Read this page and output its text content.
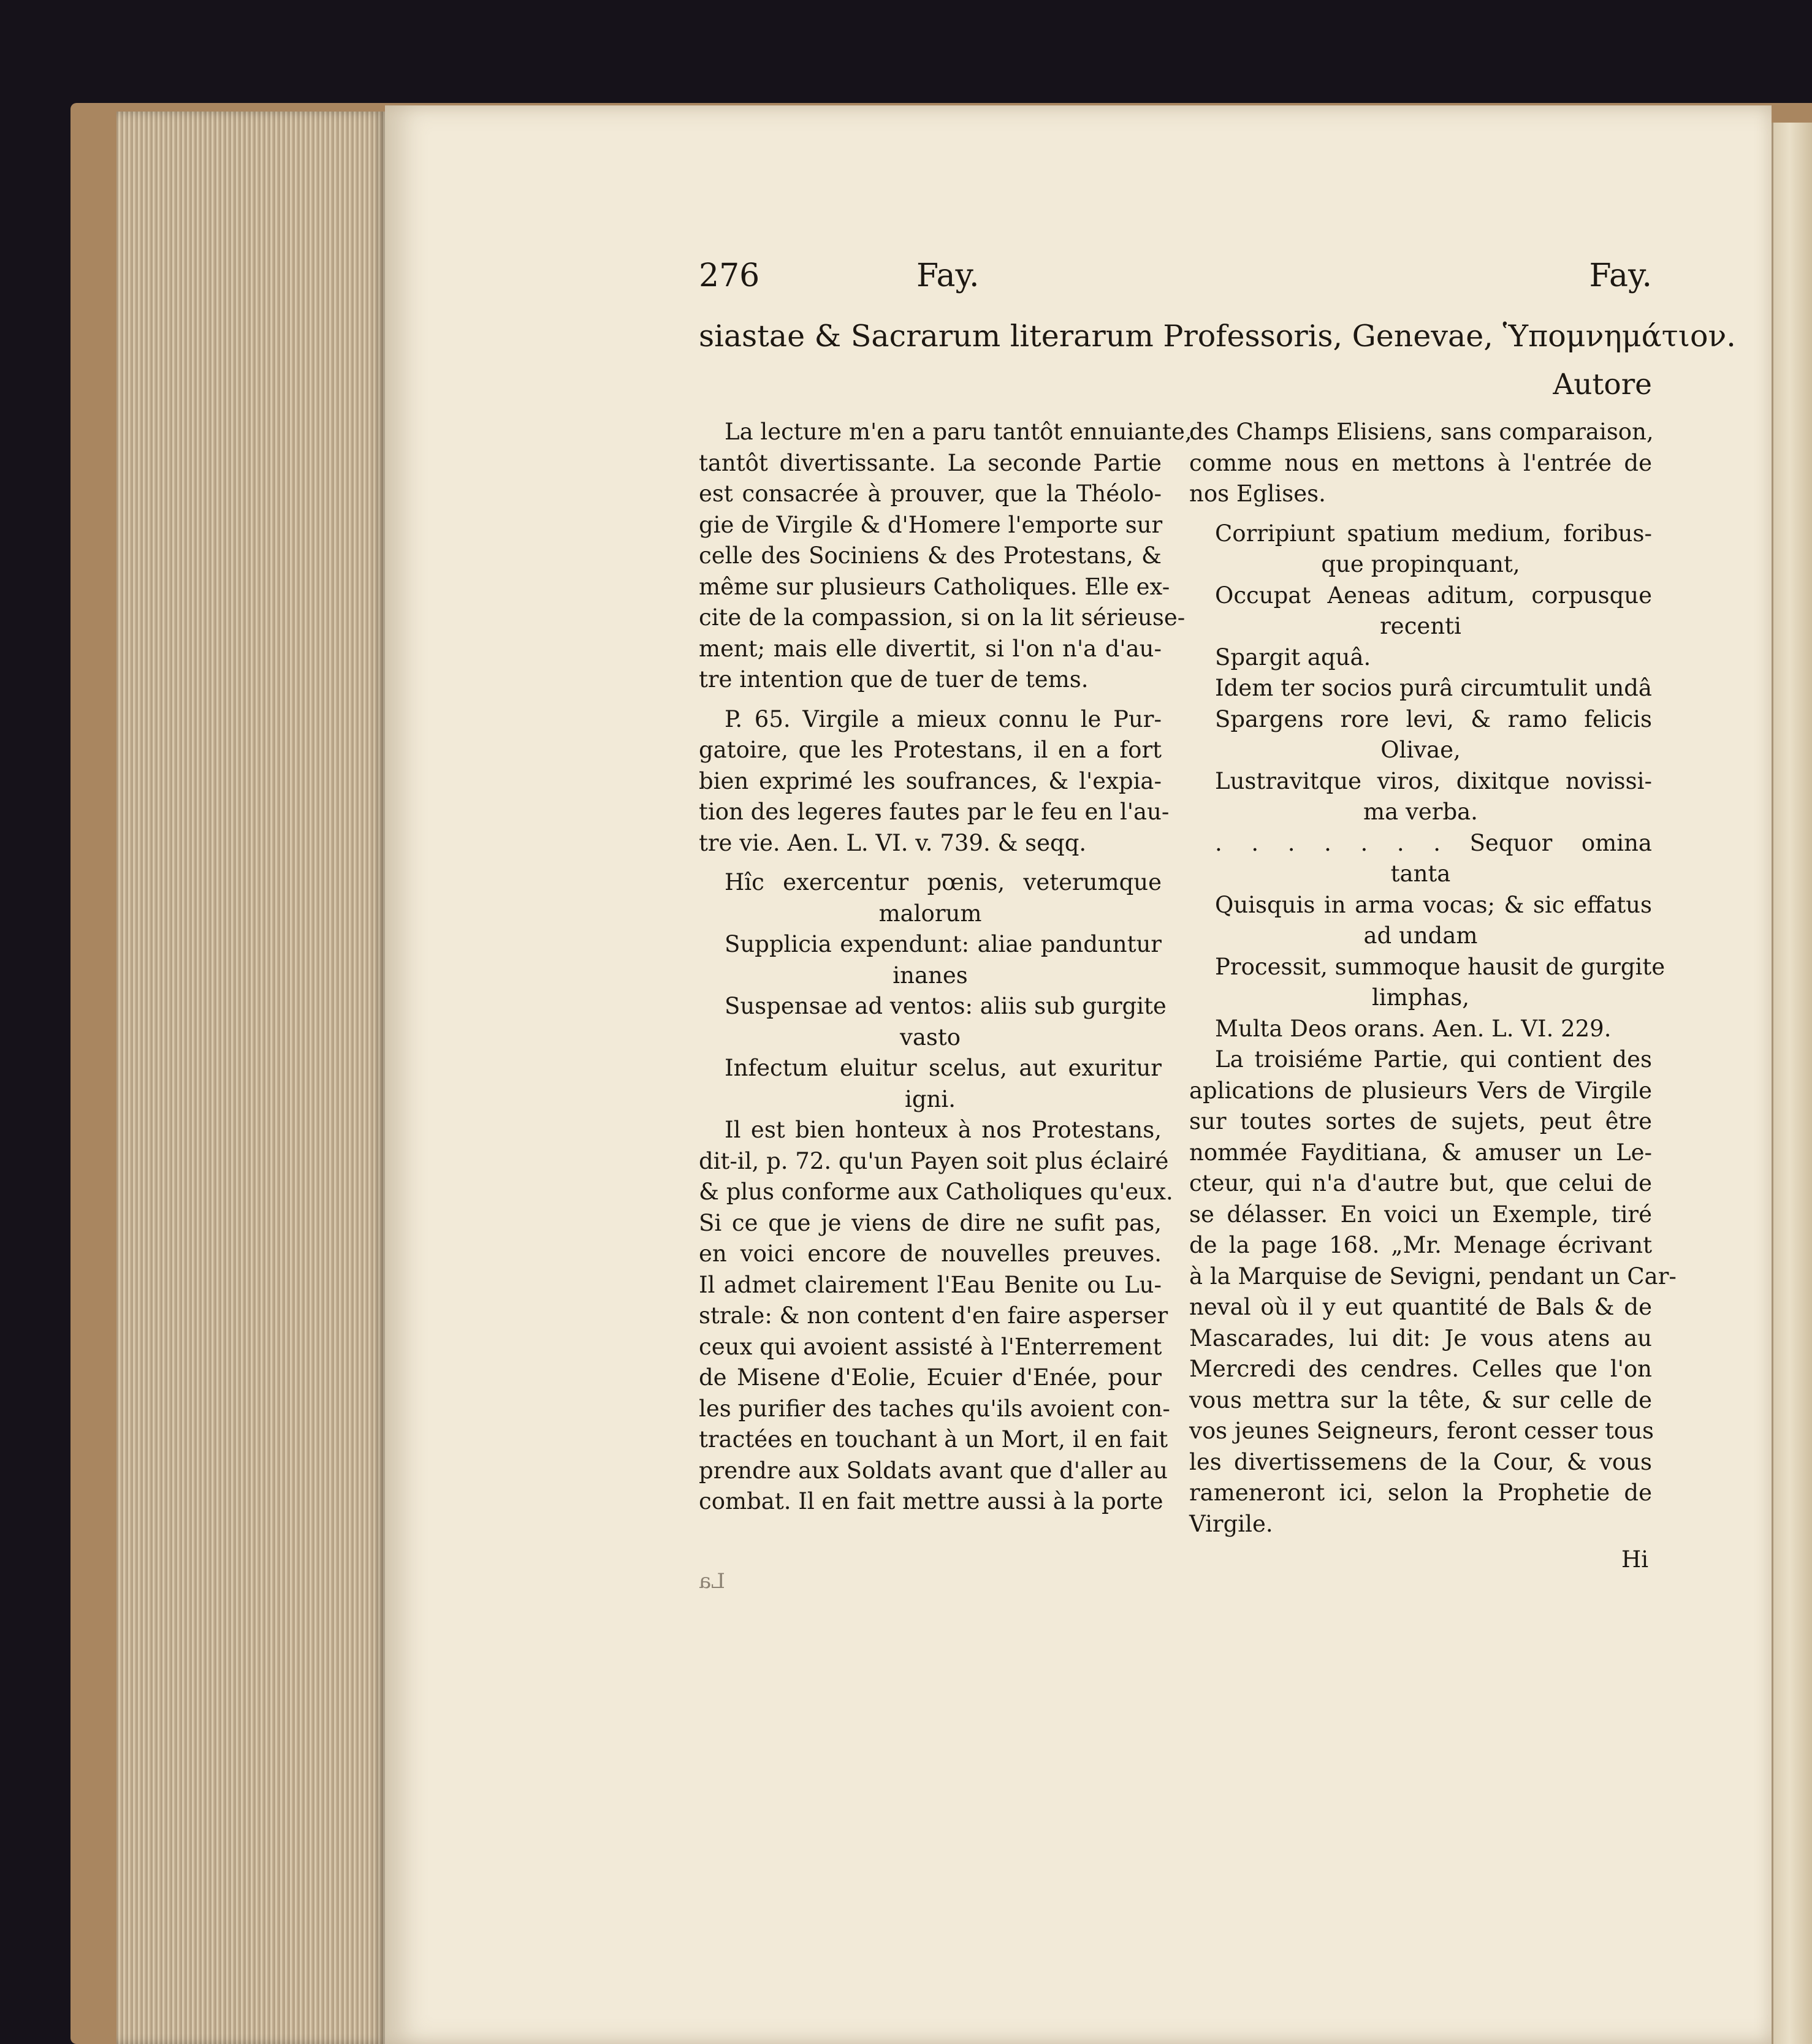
276	Fay.	Fay.
siastae & Sacrarum literarum Professoris, Genevae, Ὑπομνημάτιον.
Autore
La lecture m'en a paru tantôt ennuiante,
tantôt divertissante. La seconde Partie
est consacrée à prouver, que la Théolo-
gie de Virgile & d'Homere l'emporte sur
celle des Sociniens & des Protestans, &
même sur plusieurs Catholiques. Elle ex-
cite de la compassion, si on la lit sérieuse-
ment; mais elle divertit, si l'on n'a d'au-
tre intention que de tuer de tems.
P. 65. Virgile a mieux connu le Pur-
gatoire, que les Protestans, il en a fort
bien exprimé les soufrances, & l'expia-
tion des legeres fautes par le feu en l'au-
tre vie. Aen. L. VI. v. 739. & seqq.
Hîc exercentur pœnis, veterumque
malorum
Supplicia expendunt: aliae panduntur
inanes
Suspensae ad ventos: aliis sub gurgite
vasto
Infectum eluitur scelus, aut exuritur
igni.
Il est bien honteux à nos Protestans,
dit-il, p. 72. qu'un Payen soit plus éclairé
& plus conforme aux Catholiques qu'eux.
Si ce que je viens de dire ne sufit pas,
en voici encore de nouvelles preuves.
Il admet clairement l'Eau Benite ou Lu-
strale: & non content d'en faire asperser
ceux qui avoient assisté à l'Enterrement
de Misene d'Eolie, Ecuier d'Enée, pour
les purifier des taches qu'ils avoient con-
tractées en touchant à un Mort, il en fait
prendre aux Soldats avant que d'aller au
combat. Il en fait mettre aussi à la porte
des Champs Elisiens, sans comparaison,
comme nous en mettons à l'entrée de
nos Eglises.
Corripiunt spatium medium, foribus-
que propinquant,
Occupat Aeneas aditum, corpusque
recenti
Spargit aquâ.
Idem ter socios purâ circumtulit undâ
Spargens rore levi, & ramo felicis
Olivae,
Lustravitque viros, dixitque novissi-
ma verba.
. . . . . . . Sequor omina
tanta
Quisquis in arma vocas; & sic effatus
ad undam
Processit, summoque hausit de gurgite
limphas,
Multa Deos orans. Aen. L. VI. 229.
La troisiéme Partie, qui contient des
aplications de plusieurs Vers de Virgile
sur toutes sortes de sujets, peut être
nommée Fayditiana, & amuser un Le-
cteur, qui n'a d'autre but, que celui de
se délasser. En voici un Exemple, tiré
de la page 168. „Mr. Menage écrivant
à la Marquise de Sevigni, pendant un Car-
neval où il y eut quantité de Bals & de
Mascarades, lui dit: Je vous atens au
Mercredi des cendres. Celles que l'on
vous mettra sur la tête, & sur celle de
vos jeunes Seigneurs, feront cesser tous
les divertissemens de la Cour, & vous
rameneront ici, selon la Prophetie de
Virgile.
Hi
La
